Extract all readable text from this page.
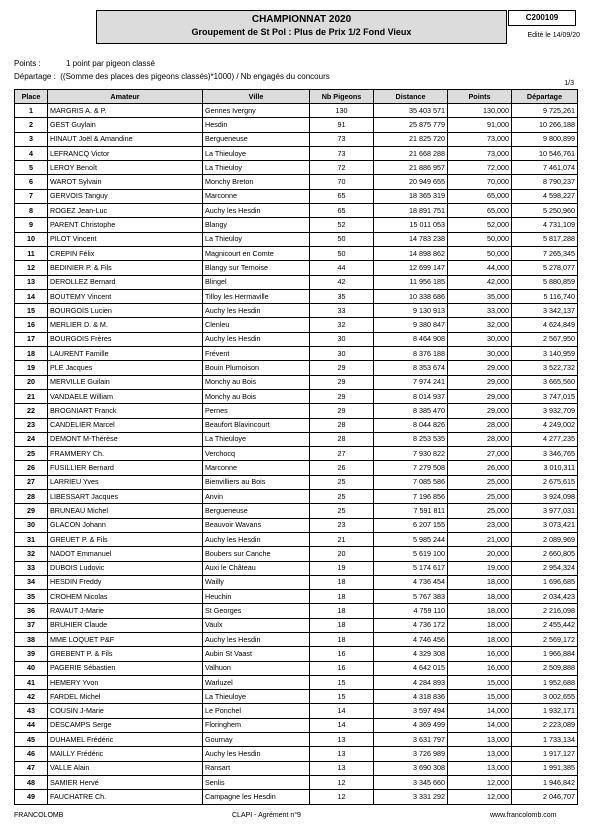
CHAMPIONNAT 2020
Groupement de St Pol : Plus de Prix 1/2 Fond Vieux
C200109
Edité le 14/09/20
Points :	1 point par pigeon classé
Départage : ((Somme des places des pigeons classés)*1000) / Nb engagés du concours
1/3
Place	Amateur	Ville	Nb Pigeons	Distance	Points	Départage
1	MARGRIS A. & P.	Gennes Ivergny	130	35 403 571	130,000	9 725,261
2	GEST Guylain	Hesdin	91	25 875 779	91,000	10 266,188
3	HINAUT Joël & Amandine	Bergueneuse	73	21 825 720	73,000	9 800,899
4	LEFRANCQ Victor	La Thieuloye	73	21 668 288	73,000	10 546,761
5	LEROY Benoît	La Thieuloy	72	21 886 957	72,000	7 461,074
6	WAROT Sylvain	Monchy Breton	70	20 949 655	70,000	8 790,237
7	GERVOIS Tanguy	Marconne	65	18 365 319	65,000	4 598,227
8	ROGEZ Jean-Luc	Auchy les Hesdin	65	18 891 751	65,000	5 250,960
9	PARENT Christophe	Blangy	52	15 011 053	52,000	4 731,109
10	PILOT Vincent	La Thieuloy	50	14 783 238	50,000	5 817,288
11	CREPIN Félix	Magnicourt en Comte	50	14 898 862	50,000	7 265,345
12	BEDINIER P. & Fils	Blangy sur Ternoise	44	12 699 147	44,000	5 278,077
13	DEROLLEZ Bernard	Blingel	42	11 956 185	42,000	5 880,859
14	BOUTEMY Vincent	Tilloy les Hermaville	35	10 338 686	35,000	5 116,740
15	BOURGOIS Lucien	Auchy les Hesdin	33	9 130 913	33,000	3 342,137
16	MERLIER D. & M.	Clenleu	32	9 380 847	32,000	4 624,849
17	BOURGOIS Frères	Auchy les Hesdin	30	8 464 908	30,000	2 567,950
18	LAURENT Famille	Frévent	30	8 376 188	30,000	3 140,959
19	PLE Jacques	Bouin Plumoison	29	8 353 674	29,000	3 522,732
20	MERVILLE Guilain	Monchy au Bois	29	7 974 241	29,000	3 665,560
21	VANDAELE William	Monchy au Bois	29	8 014 937	29,000	3 747,015
22	BROGNIART Franck	Pernes	29	8 385 470	29,000	3 932,709
23	CANDELIER Marcel	Beaufort Blavincourt	28	8 044 826	28,000	4 249,002
24	DEMONT M-Thérèse	La Thieuloye	28	8 253 535	28,000	4 277,235
25	FRAMMERY Ch.	Verchocq	27	7 930 822	27,000	3 346,765
26	FUSILLIER Bernard	Marconne	26	7 279 508	26,000	3 010,311
27	LARRIEU Yves	Bienvilliers au Bois	25	7 085 586	25,000	2 675,615
28	LIBESSART Jacques	Anvin	25	7 196 856	25,000	3 924,098
29	BRUNEAU Michel	Bergueneuse	25	7 591 811	25,000	3 977,031
30	GLACON Johann	Beauvoir Wavans	23	6 207 155	23,000	3 073,421
31	GREUET P. & Fils	Auchy les Hesdin	21	5 985 244	21,000	2 089,969
32	NADOT Emmanuel	Boubers sur Canche	20	5 619 100	20,000	2 660,805
33	DUBOIS Ludovic	Auxi le Château	19	5 174 617	19,000	2 954,324
34	HESDIN Freddy	Wailly	18	4 736 454	18,000	1 696,685
35	CROHEM Nicolas	Heuchin	18	5 767 383	18,000	2 034,423
36	RAVAUT J-Marie	St Georges	18	4 759 110	18,000	2 216,098
37	BRUHIER Claude	Vaulx	18	4 736 172	18,000	2 455,442
38	MME LOQUET P&F	Auchy les Hesdin	18	4 746 456	18,000	2 569,172
39	GREBENT P. & Fils	Aubin St Vaast	16	4 329 308	16,000	1 966,884
40	PAGERIE Sébastien	Valhuon	16	4 642 015	16,000	2 509,888
41	HEMERY Yvon	Warluzel	15	4 284 893	15,000	1 952,688
42	FARDEL Michel	La Thieuloye	15	4 318 836	15,000	3 002,655
43	COUSIN J-Marie	Le Ponchel	14	3 597 494	14,000	1 932,171
44	DESCAMPS Serge	Floringhem	14	4 369 499	14,000	2 223,089
45	DUHAMEL Frédéric	Gournay	13	3 631 797	13,000	1 733,134
46	MAILLY Frédéric	Auchy les Hesdin	13	3 726 989	13,000	1 917,127
47	VALLE Alain	Ransart	13	3 690 308	13,000	1 991,385
48	SAMIER Hervé	Senlis	12	3 345 660	12,000	1 946,842
49	FAUCHATRE Ch.	Campagne les Hesdin	12	3 331 292	12,000	2 046,707
FRANCOLOMB	CLAPI - Agrément n°9	www.francolomb.com
